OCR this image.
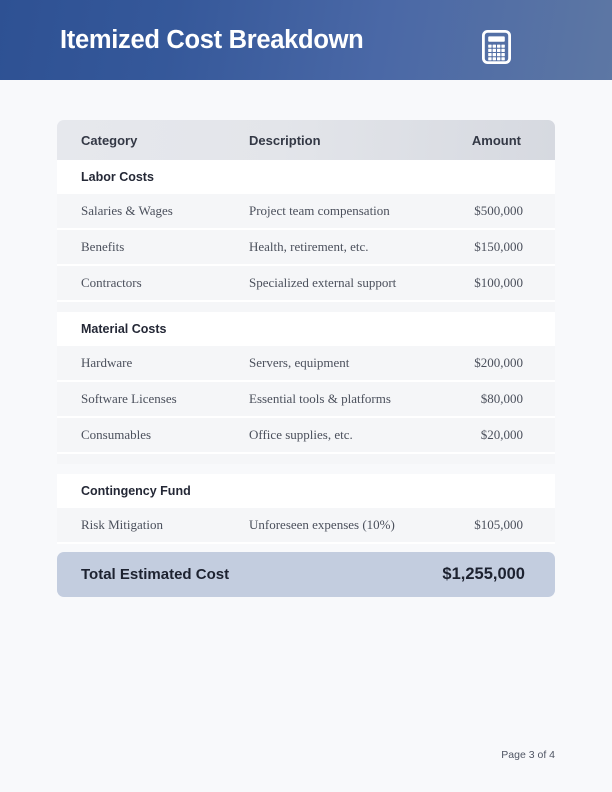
Itemized Cost Breakdown
Category	Description	Amount
Labor Costs
Salaries & Wages	Project team compensation	$500,000
Benefits	Health, retirement, etc.	$150,000
Contractors	Specialized external support	$100,000
Material Costs
Hardware	Servers, equipment	$200,000
Software Licenses	Essential tools & platforms	$80,000
Consumables	Office supplies, etc.	$20,000
Contingency Fund
Risk Mitigation	Unforeseen expenses (10%)	$105,000
Total Estimated Cost	$1,255,000
Page 3 of 4
